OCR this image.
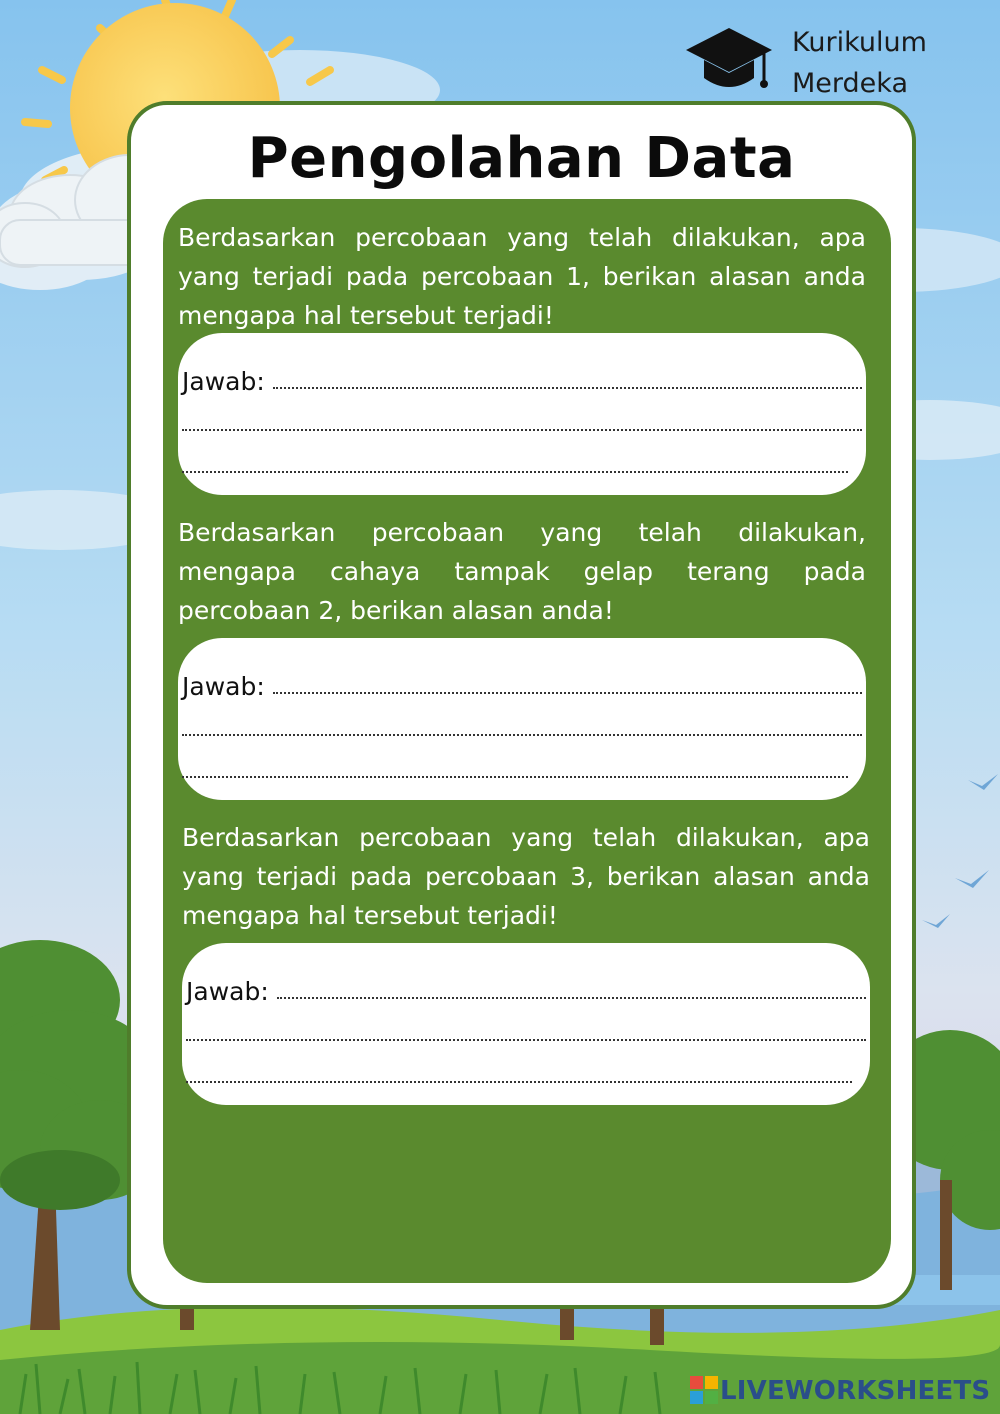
Kurikulum
Merdeka

Pengolahan Data

Berdasarkan percobaan yang telah dilakukan, apa yang terjadi pada percobaan 1, berikan alasan anda mengapa hal tersebut terjadi!

Jawab:

Berdasarkan percobaan yang telah dilakukan, mengapa cahaya tampak gelap terang pada percobaan 2, berikan alasan anda!

Jawab:

Berdasarkan percobaan yang telah dilakukan, apa yang terjadi pada percobaan 3, berikan alasan anda mengapa hal tersebut terjadi!

Jawab:

LIVEWORKSHEETS
